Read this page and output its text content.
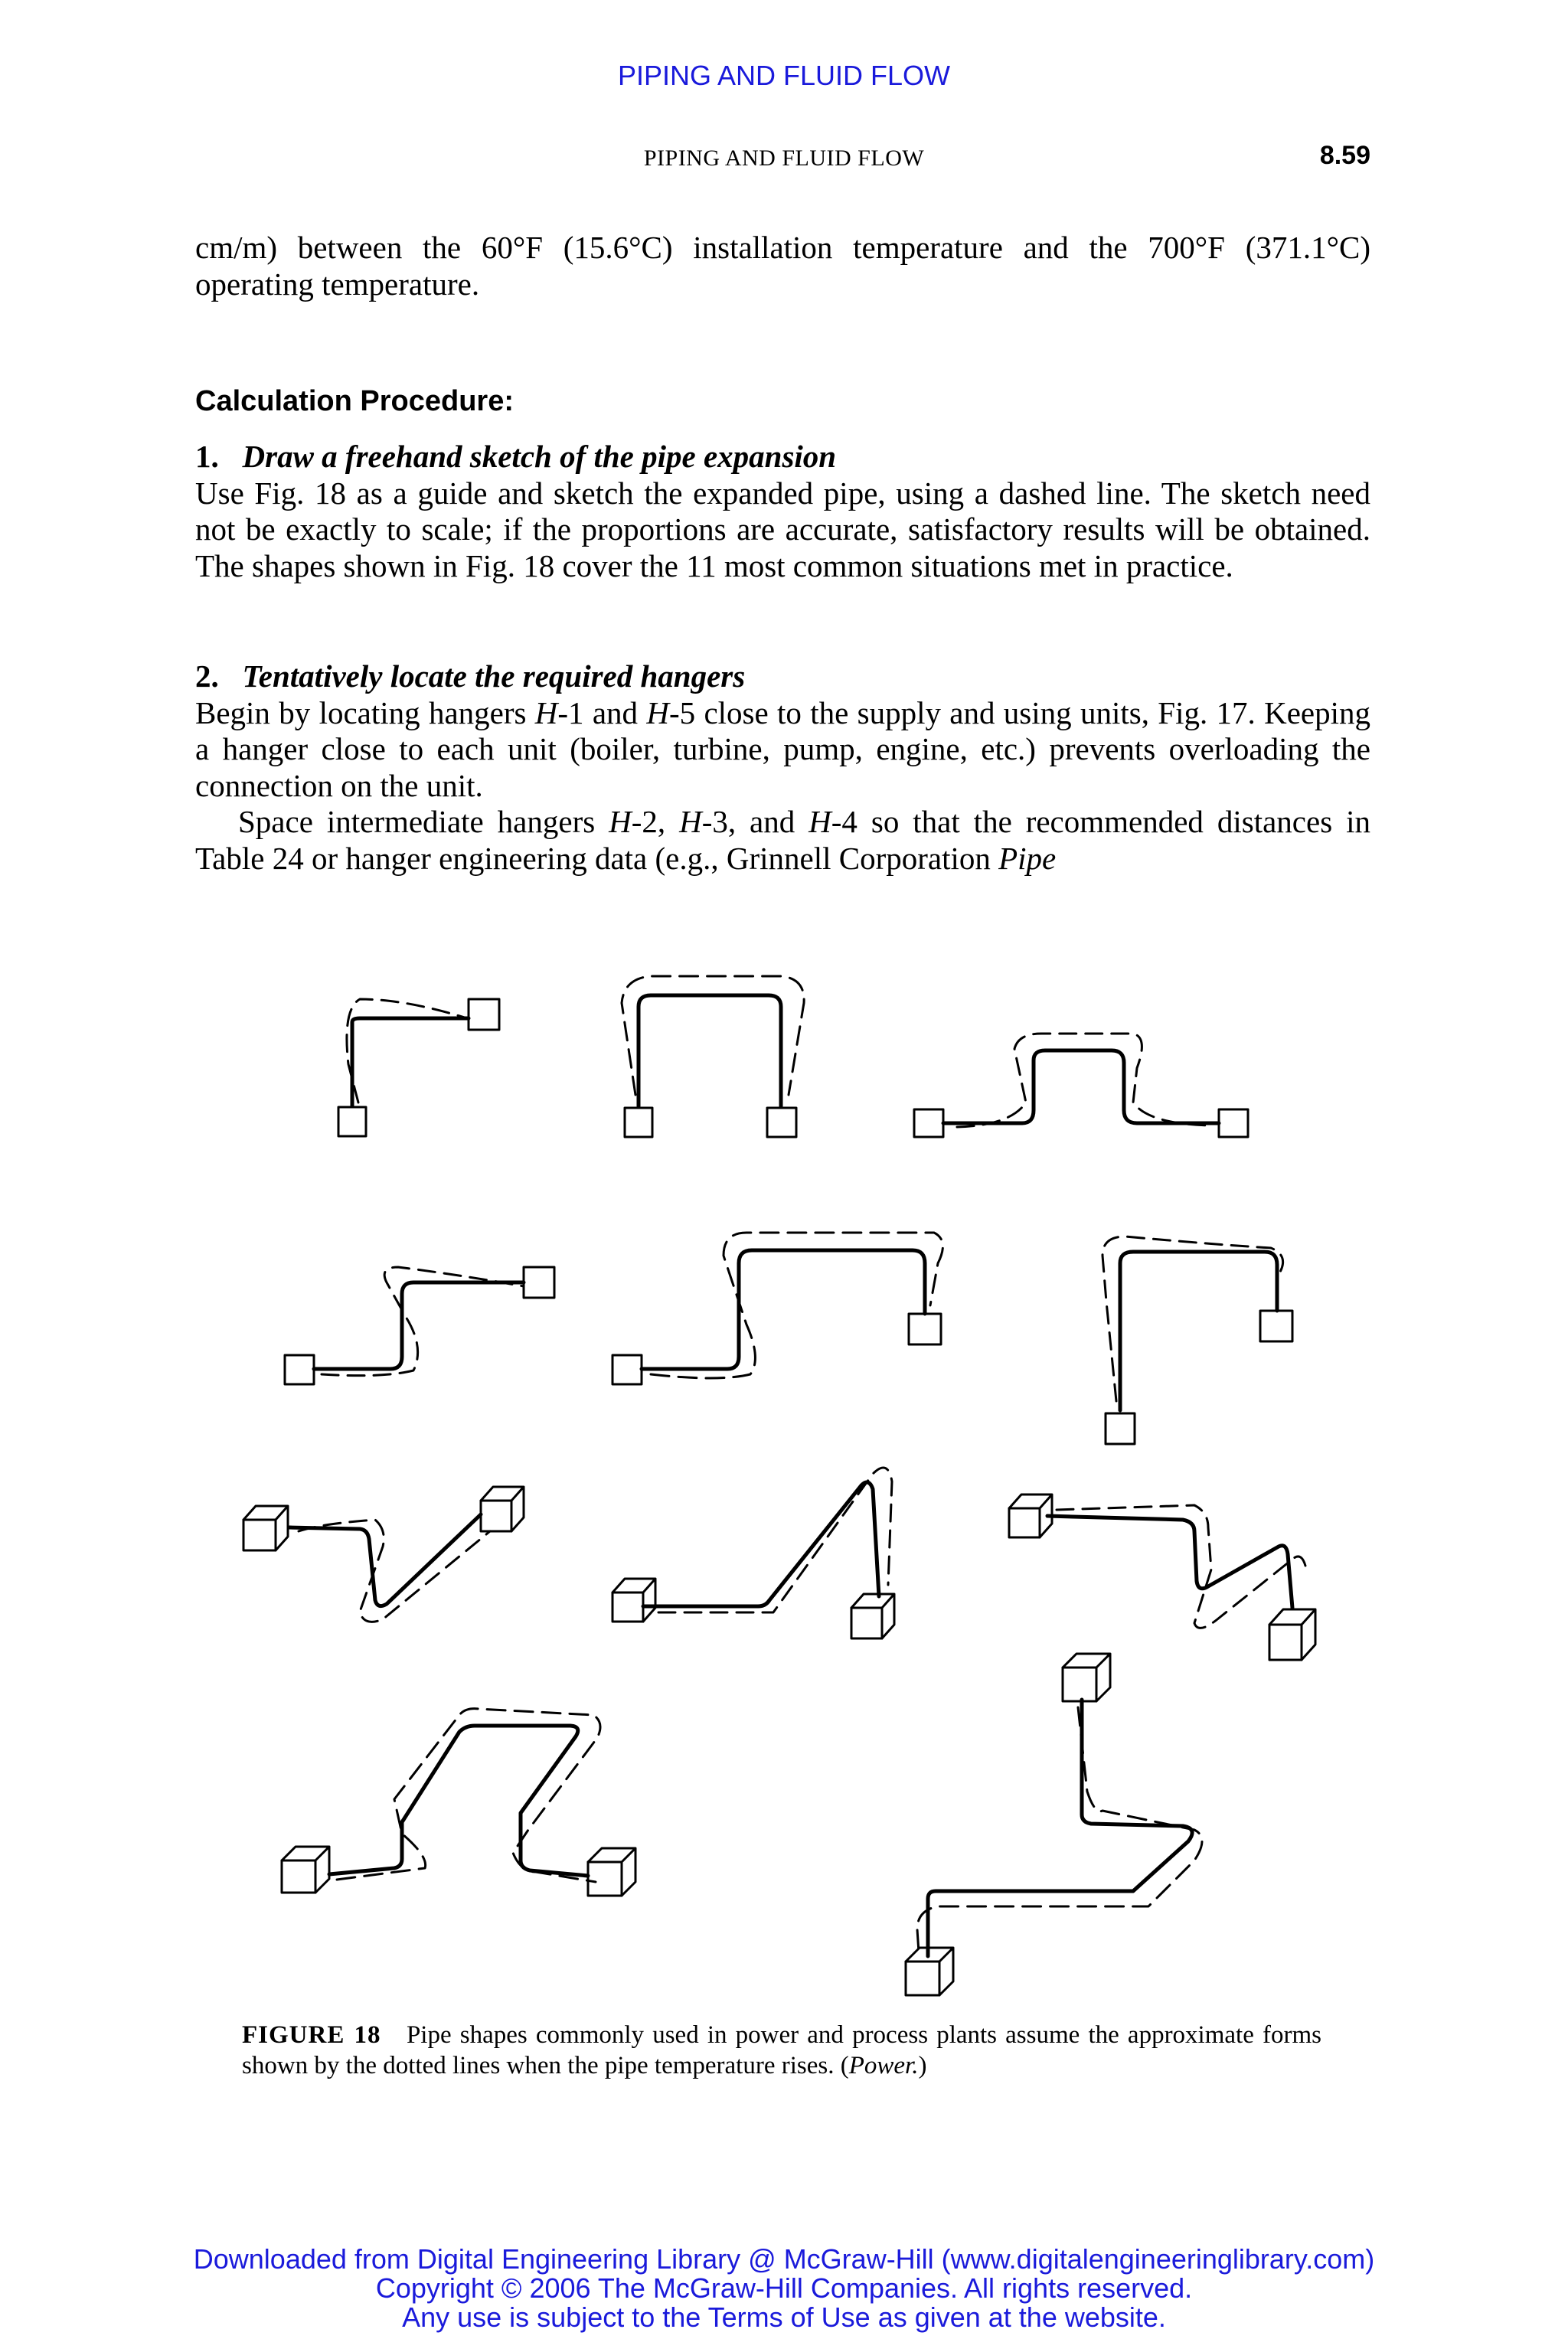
PIPING AND FLUID FLOW
PIPING AND FLUID FLOW	8.59

cm/m) between the 60°F (15.6°C) installation temperature and the 700°F (371.1°C) operating temperature.

Calculation Procedure:

1. Draw a freehand sketch of the pipe expansion

Use Fig. 18 as a guide and sketch the expanded pipe, using a dashed line. The sketch need not be exactly to scale; if the proportions are accurate, satisfactory results will be obtained. The shapes shown in Fig. 18 cover the 11 most common situations met in practice.

2. Tentatively locate the required hangers

Begin by locating hangers H-1 and H-5 close to the supply and using units, Fig. 17. Keeping a hanger close to each unit (boiler, turbine, pump, engine, etc.) prevents overloading the connection on the unit.

Space intermediate hangers H-2, H-3, and H-4 so that the recommended distances in Table 24 or hanger engineering data (e.g., Grinnell Corporation Pipe

FIGURE 18 Pipe shapes commonly used in power and process plants assume the approximate forms shown by the dotted lines when the pipe temperature rises. (Power.)
Downloaded from Digital Engineering Library @ McGraw-Hill (www.digitalengineeringlibrary.com)
Copyright © 2006 The McGraw-Hill Companies. All rights reserved.
Any use is subject to the Terms of Use as given at the website.
